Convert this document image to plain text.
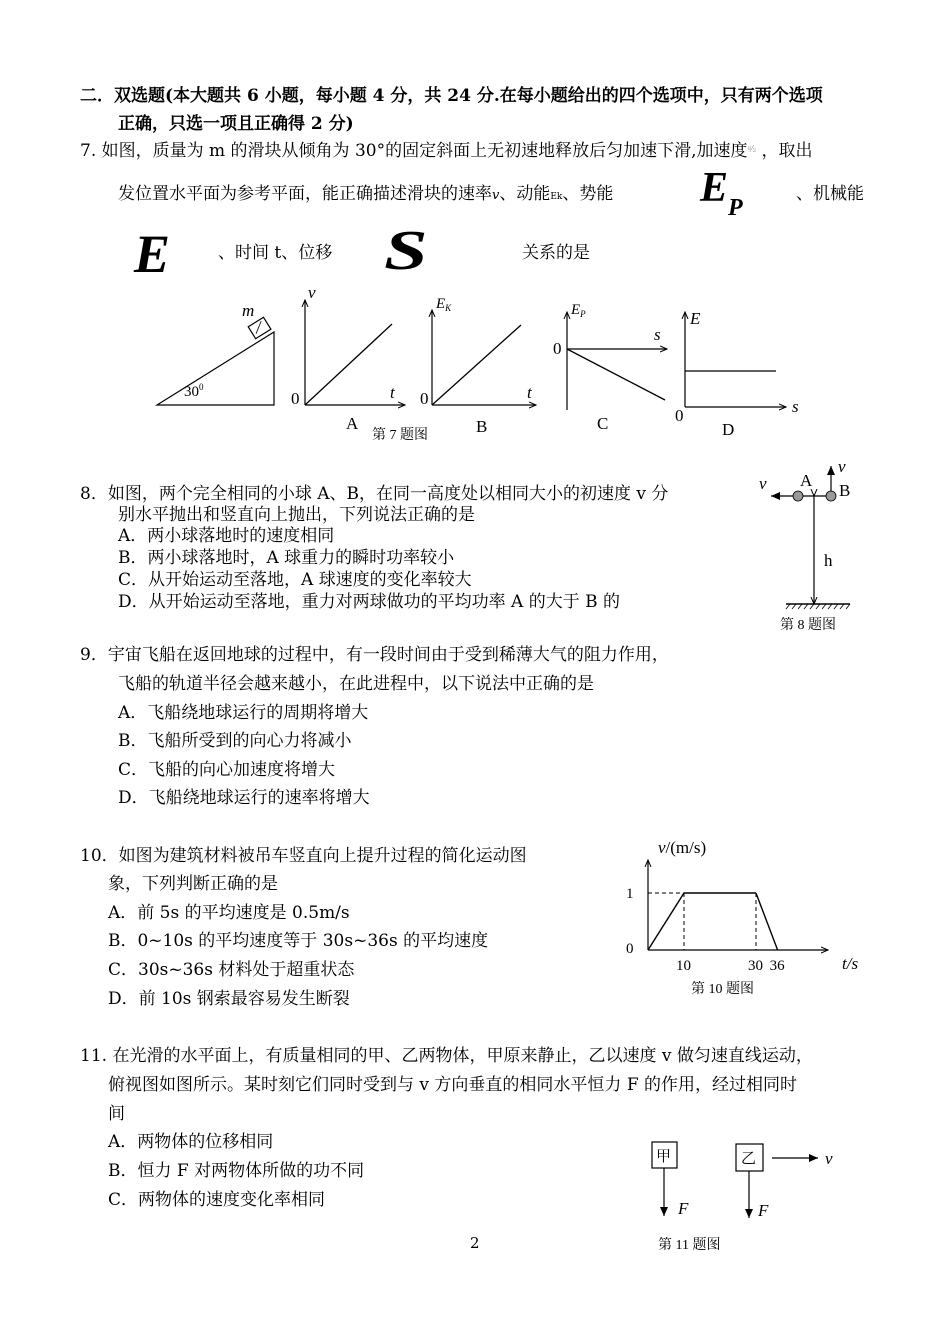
二．双选题(本大题共 6 小题，每小题 4 分，共 24 分.在每小题给出的四个选项中，只有两个选项
正确，只选一项且正确得 2 分)
7. 如图，质量为 m 的滑块从倾角为 30°的固定斜面上无初速地释放后匀加速下滑,加速度ᵍ⁄₂ ，取出
发位置水平面为参考平面，能正确描述滑块的速率v、动能Ek、势能 $E_P$
、机械能
E	、时间 t、位移 S	关系的是
m
$30^0$
v
t
0
A
$E_K$
t
0
B
$E_P$
s
0
C
E
s
0
D
第 7 题图
v
v
A
B
h
第 8 题图
10	30 36
1
v/(m/s)
t/s
0
第 10 题图
甲
F
乙
F
v
第 11 题图
8．如图，两个完全相同的小球 A、B，在同一高度处以相同大小的初速度 v 分
别水平抛出和竖直向上抛出，下列说法正确的是
A．两小球落地时的速度相同
B．两小球落地时，A 球重力的瞬时功率较小
C．从开始运动至落地，A 球速度的变化率较大
D．从开始运动至落地，重力对两球做功的平均功率 A 的大于 B 的
9．宇宙飞船在返回地球的过程中，有一段时间由于受到稀薄大气的阻力作用，
飞船的轨道半径会越来越小，在此进程中，以下说法中正确的是
A．飞船绕地球运行的周期将增大
B．飞船所受到的向心力将减小
C．飞船的向心加速度将增大
D．飞船绕地球运行的速率将增大
10．如图为建筑材料被吊车竖直向上提升过程的简化运动图
象，下列判断正确的是
A．前 5s 的平均速度是 0.5m/s
B．0~10s 的平均速度等于 30s~36s 的平均速度
C．30s~36s 材料处于超重状态
D．前 10s 钢索最容易发生断裂
11. 在光滑的水平面上，有质量相同的甲、乙两物体，甲原来静止，乙以速度 v 做匀速直线运动，
俯视图如图所示。某时刻它们同时受到与 v 方向垂直的相同水平恒力 F 的作用，经过相同时
间
A．两物体的位移相同
B．恒力 F 对两物体所做的功不同
C．两物体的速度变化率相同
2
